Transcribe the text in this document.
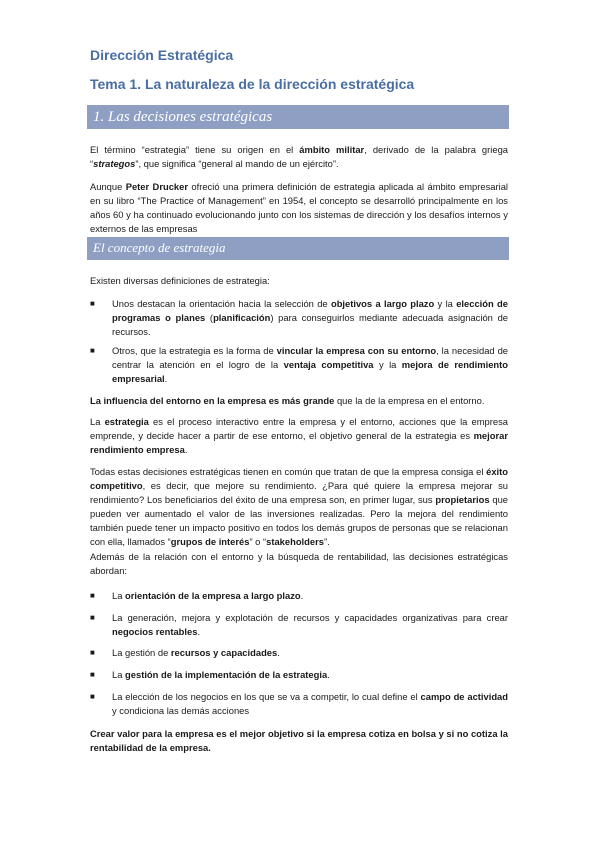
Dirección Estratégica
Tema 1. La naturaleza de la dirección estratégica
1. Las decisiones estratégicas

El término “estrategia” tiene su origen en el ámbito militar, derivado de la palabra griega “strategos”, que significa “general al mando de un ejército”.

Aunque Peter Drucker ofreció una primera definición de estrategia aplicada al ámbito empresarial en su libro “The Practice of Management” en 1954, el concepto se desarrolló principalmente en los años 60 y ha continuado evolucionando junto con los sistemas de dirección y los desafíos internos y externos de las empresas

El concepto de estrategia

Existen diversas definiciones de estrategia:

■ Unos destacan la orientación hacia la selección de objetivos a largo plazo y la elección de programas o planes (planificación) para conseguirlos mediante adecuada asignación de recursos.
■ Otros, que la estrategia es la forma de vincular la empresa con su entorno, la necesidad de centrar la atención en el logro de la ventaja competitiva y la mejora de rendimiento empresarial.

La influencia del entorno en la empresa es más grande que la de la empresa en el entorno.

La estrategia es el proceso interactivo entre la empresa y el entorno, acciones que la empresa emprende, y decide hacer a partir de ese entorno, el objetivo general de la estrategia es mejorar rendimiento empresa.

Todas estas decisiones estratégicas tienen en común que tratan de que la empresa consiga el éxito competitivo, es decir, que mejore su rendimiento. ¿Para qué quiere la empresa mejorar su rendimiento? Los beneficiarios del éxito de una empresa son, en primer lugar, sus propietarios que pueden ver aumentado el valor de las inversiones realizadas. Pero la mejora del rendimiento también puede tener un impacto positivo en todos los demás grupos de personas que se relacionan con ella, llamados “grupos de interés” o “stakeholders”.

Además de la relación con el entorno y la búsqueda de rentabilidad, las decisiones estratégicas abordan:

■ La orientación de la empresa a largo plazo.
■ La generación, mejora y explotación de recursos y capacidades organizativas para crear negocios rentables.
■ La gestión de recursos y capacidades.
■ La gestión de la implementación de la estrategia.
■ La elección de los negocios en los que se va a competir, lo cual define el campo de actividad y condiciona las demás acciones

Crear valor para la empresa es el mejor objetivo si la empresa cotiza en bolsa y si no cotiza la rentabilidad de la empresa.
